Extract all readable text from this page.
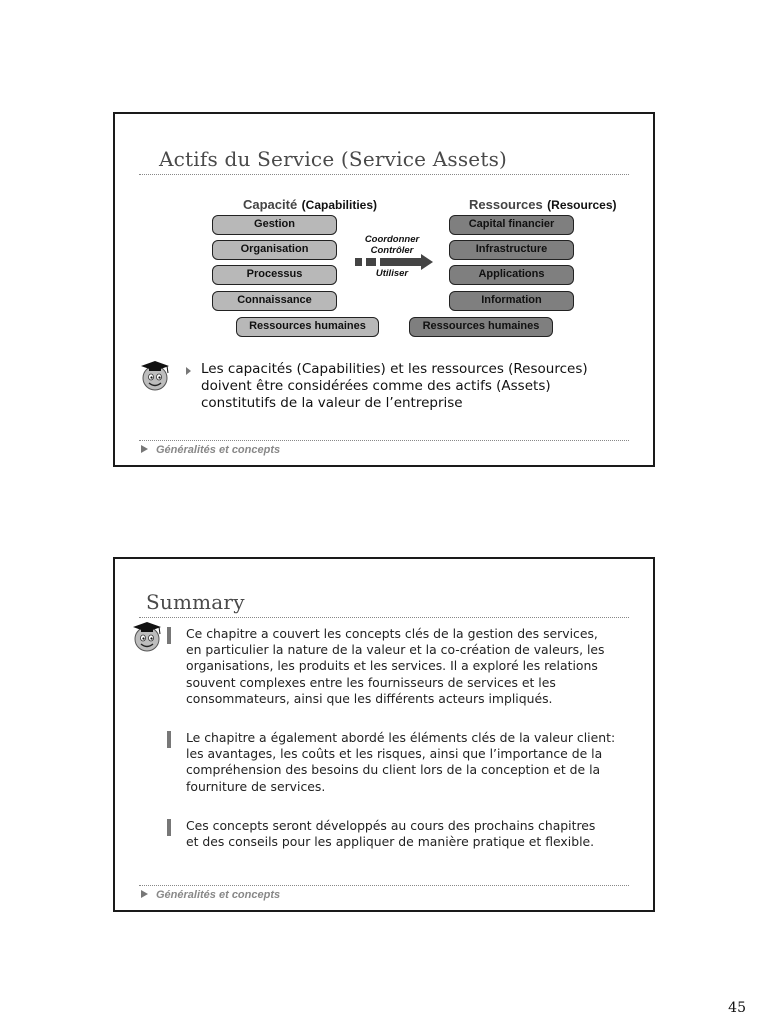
Actifs du Service (Service Assets)
Capacité (Capabilities)	Ressources (Resources)
Gestion
Organisation
Processus
Connaissance
Ressources humaines
Capital financier
Infrastructure
Applications
Information
Ressources humaines
Coordonner
Contrôler
Utiliser
Les capacités (Capabilities) et les ressources (Resources)
doivent être considérées comme des actifs (Assets)
constitutifs de la valeur de l’entreprise
Généralités et concepts
Summary
Ce chapitre a couvert les concepts clés de la gestion des services,
en particulier la nature de la valeur et la co-création de valeurs, les
organisations, les produits et les services. Il a exploré les relations
souvent complexes entre les fournisseurs de services et les
consommateurs, ainsi que les différents acteurs impliqués.
Le chapitre a également abordé les éléments clés de la valeur client:
les avantages, les coûts et les risques, ainsi que l’importance de la
compréhension des besoins du client lors de la conception et de la
fourniture de services.
Ces concepts seront développés au cours des prochains chapitres
et des conseils pour les appliquer de manière pratique et flexible.
Généralités et concepts
45
